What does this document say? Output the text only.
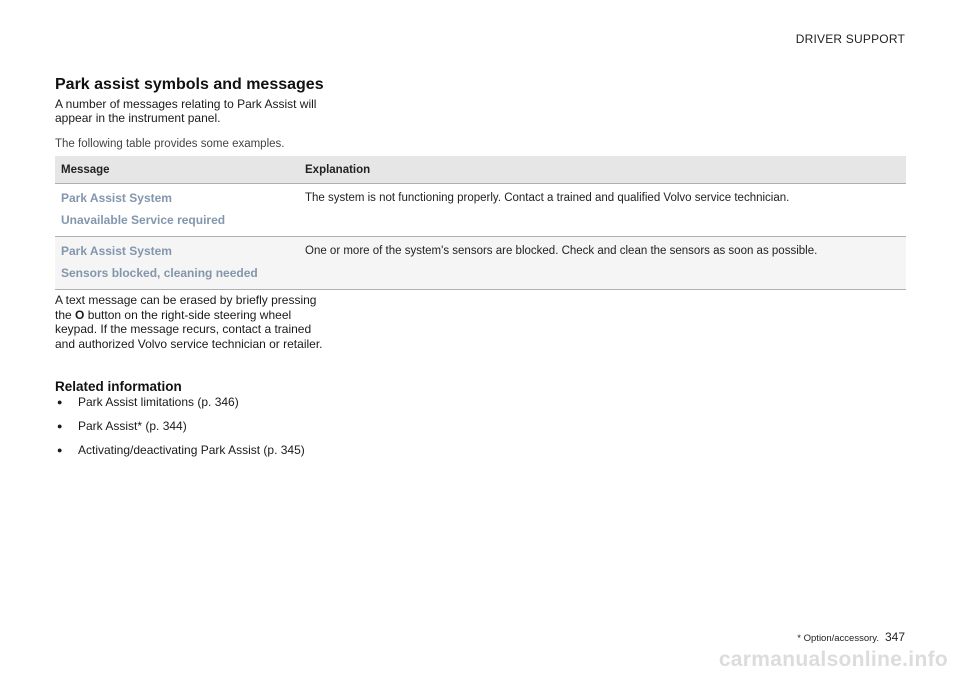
DRIVER SUPPORT
Park assist symbols and messages

A number of messages relating to Park Assist will appear in the instrument panel.

The following table provides some examples.

Message	Explanation

Park Assist System
Unavailable Service required	The system is not functioning properly. Contact a trained and qualified Volvo service technician.

Park Assist System
Sensors blocked, cleaning needed	One or more of the system's sensors are blocked. Check and clean the sensors as soon as possible.

A text message can be erased by briefly pressing the O button on the right-side steering wheel keypad. If the message recurs, contact a trained and authorized Volvo service technician or retailer.

Related information
● Park Assist limitations (p. 346)
● Park Assist* (p. 344)
● Activating/deactivating Park Assist (p. 345)
* Option/accessory. 347
carmanualsonline.info
